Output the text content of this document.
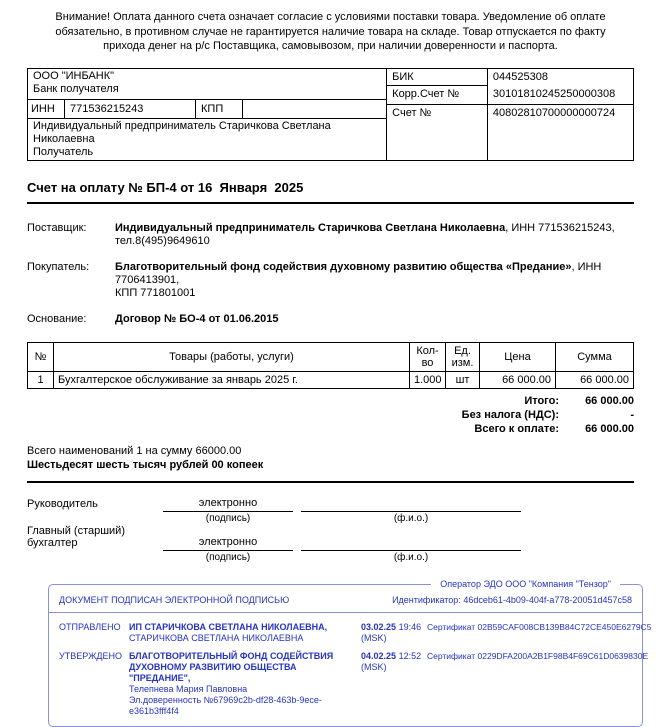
Внимание! Оплата данного счета означает согласие с условиями поставки товара. Уведомление об оплате обязательно, в противном случае не гарантируется наличие товара на складе. Товар отпускается по факту прихода денег на р/с Поставщика, самовывозом, при наличии доверенности и паспорта.
ООО "ИНБАНК"
Банк получателя
ИНН	771536215243	КПП
Индивидуальный предприниматель Старичкова Светлана Николаевна
Получатель
БИК	044525308
Корр.Счет №	30101810245250000308
Счет №	40802810700000000724
Счет на оплату № БП-4 от 16  Января  2025
Поставщик:	Индивидуальный предприниматель Старичкова Светлана Николаевна, ИНН 771536215243,
тел.8(495)9649610
Покупатель:	Благотворительный фонд содействия духовному развитию общества «Предание», ИНН 7706413901,
КПП 771801001
Основание:	Договор № БО-4 от 01.06.2015
№	Товары (работы, услуги)	Кол-во	Ед. изм.	Цена	Сумма
1	Бухгалтерское обслуживание за январь 2025 г.	1.000	шт	66 000.00	66 000.00
Итого:	66 000.00
Без налога (НДС):	-
Всего к оплате:	66 000.00
Всего наименований 1 на сумму 66000.00
Шестьдесят шесть тысяч рублей 00 копеек
Руководитель	электронно
(подпись)	(ф.и.о.)
Главный (старший) бухгалтер	электронно
(подпись)	(ф.и.о.)
Оператор ЭДО ООО "Компания "Тензор"
ДОКУМЕНТ ПОДПИСАН ЭЛЕКТРОННОЙ ПОДПИСЬЮ	Идентификатор: 46dceb61-4b09-404f-a778-20051d457c58
ОТПРАВЛЕНО ИП СТАРИЧКОВА СВЕТЛАНА НИКОЛАЕВНА, СТАРИЧКОВА СВЕТЛАНА НИКОЛАЕВНА
03.02.25 19:46
(MSK)
Сертификат 02B59CAF008CB139B84C72CE450E6279C5
УТВЕРЖДЕНО БЛАГОТВОРИТЕЛЬНЫЙ ФОНД СОДЕЙСТВИЯ ДУХОВНОМУ РАЗВИТИЮ ОБЩЕСТВА "ПРЕДАНИЕ",
Телепнева Мария Павловна
Эл.доверенность №67969c2b-df28-463b-9ece-e361b3fff4f4
04.02.25 12:52
(MSK)
Сертификат 0229DFA200A2B1F98B4F69C61D0639830E
